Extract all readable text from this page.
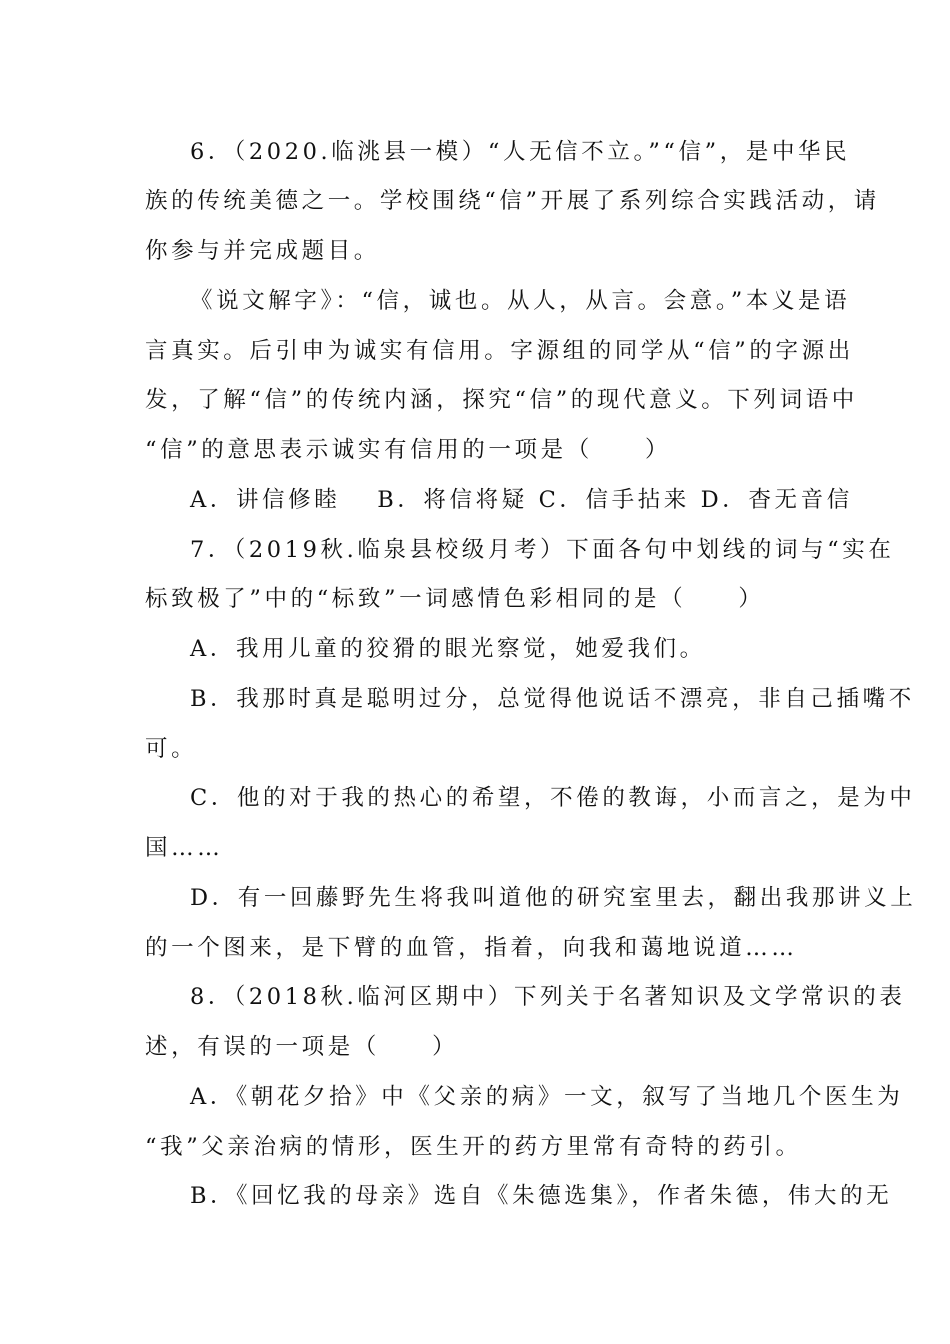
6．（2020.临洮县一模）“人无信不立。”“信”，是中华民
族的传统美德之一。学校围绕“信”开展了系列综合实践活动，请
你参与并完成题目。
《说文解字》：“信，诚也。从人，从言。会意。”本义是语
言真实。后引申为诚实有信用。字源组的同学从“信”的字源出
发，了解“信”的传统内涵，探究“信”的现代意义。下列词语中
“信”的意思表示诚实有信用的一项是（　　）
A．讲信修睦　 B．将信将疑 C．信手拈来 D．杳无音信
7．（2019秋.临泉县校级月考）下面各句中划线的词与“实在
标致极了”中的“标致”一词感情色彩相同的是（　　）
A．我用儿童的狡猾的眼光察觉，她爱我们。
B．我那时真是聪明过分，总觉得他说话不漂亮，非自己插嘴不
可。
C．他的对于我的热心的希望，不倦的教诲，小而言之，是为中
国……
D．有一回藤野先生将我叫道他的研究室里去，翻出我那讲义上
的一个图来，是下臂的血管，指着，向我和蔼地说道……
8．（2018秋.临河区期中）下列关于名著知识及文学常识的表
述，有误的一项是（　　）
A．《朝花夕拾》中《父亲的病》一文，叙写了当地几个医生为
“我”父亲治病的情形，医生开的药方里常有奇特的药引。
B．《回忆我的母亲》选自《朱德选集》，作者朱德，伟大的无
